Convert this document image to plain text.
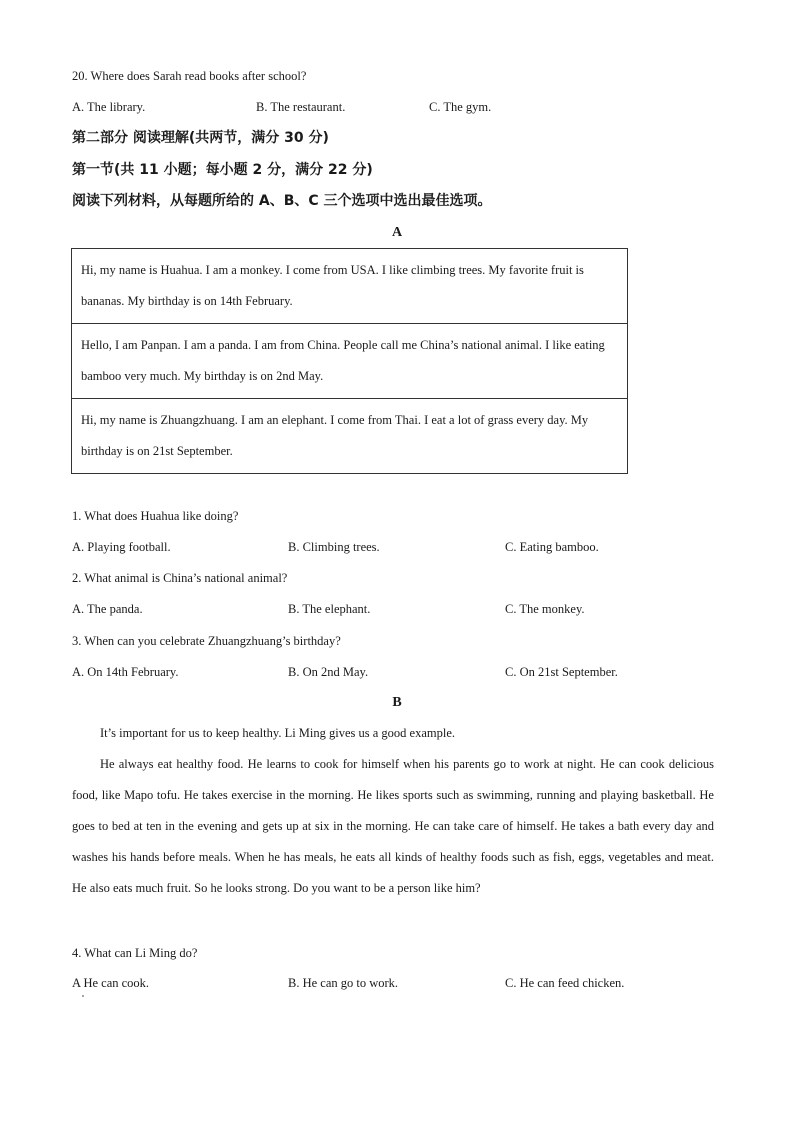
20. Where does Sarah read books after school?
A. The library.	B. The restaurant.	C. The gym.
第二部分 阅读理解(共两节，满分 30 分)
第一节(共 11 小题；每小题 2 分，满分 22 分)
阅读下列材料，从每题所给的 A、B、C 三个选项中选出最佳选项。
A
Hi, my name is Huahua. I am a monkey. I come from USA. I like climbing trees. My favorite fruit is bananas. My birthday is on 14th February.
Hello, I am Panpan. I am a panda. I am from China. People call me China’s national animal. I like eating bamboo very much. My birthday is on 2nd May.
Hi, my name is Zhuangzhuang. I am an elephant. I come from Thai. I eat a lot of grass every day. My birthday is on 21st September.
1. What does Huahua like doing?
A. Playing football.	B. Climbing trees.	C. Eating bamboo.
2. What animal is China’s national animal?
A. The panda.	B. The elephant.	C. The monkey.
3. When can you celebrate Zhuangzhuang’s birthday?
A. On 14th February.	B. On 2nd May.	C. On 21st September.
B

It’s important for us to keep healthy. Li Ming gives us a good example.

He always eat healthy food. He learns to cook for himself when his parents go to work at night. He can cook delicious food, like Mapo tofu. He takes exercise in the morning. He likes sports such as swimming, running and playing basketball. He goes to bed at ten in the evening and gets up at six in the morning. He can take care of himself. He takes a bath every day and washes his hands before meals. When he has meals, he eats all kinds of healthy foods such as fish, eggs, vegetables and meat. He also eats much fruit. So he looks strong. Do you want to be a person like him?

4. What can Li Ming do?
A He can cook.	B. He can go to work.	C. He can feed chicken.
